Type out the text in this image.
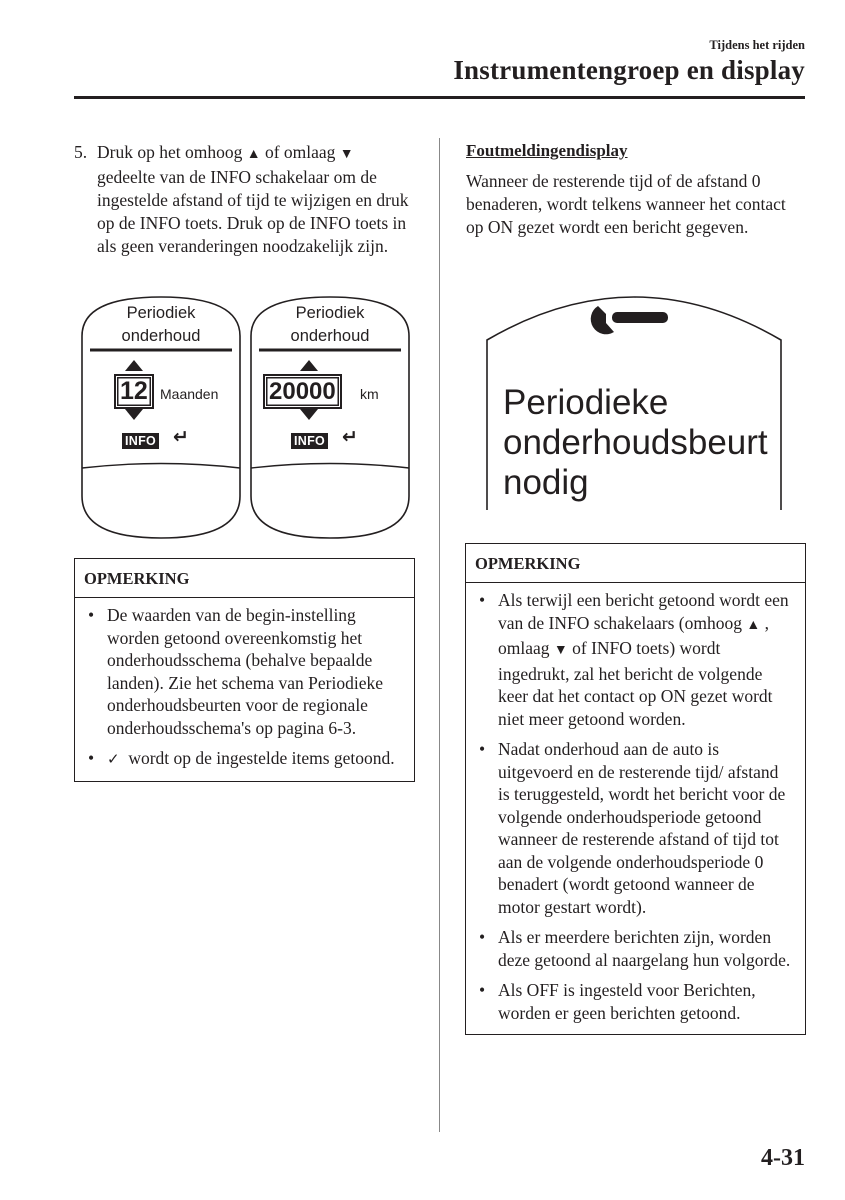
Tijdens het rijden
Instrumentengroep en display
5. Druk op het omhoog ▲ of omlaag ▼
gedeelte van de INFO schakelaar om de ingestelde afstand of tijd te wijzigen en druk op de INFO toets. Druk op de INFO toets in als geen veranderingen noodzakelijk zijn.
Periodiek
onderhoud
12 Maanden
INFO ↵
Periodiek
onderhoud
20000	km
INFO ↵
OPMERKING
• De waarden van de begin-instelling worden getoond overeenkomstig het onderhoudsschema (behalve bepaalde landen). Zie het schema van Periodieke onderhoudsbeurten voor de regionale onderhoudsschema's op pagina 6-3.
• ✓ wordt op de ingestelde items getoond.
Foutmeldingendisplay
Wanneer de resterende tijd of de afstand 0 benaderen, wordt telkens wanneer het contact op ON gezet wordt een bericht gegeven.
Periodieke
onderhoudsbeurt
nodig
OPMERKING
• Als terwijl een bericht getoond wordt een van de INFO schakelaars (omhoog ▲ , omlaag ▼ of INFO toets) wordt ingedrukt, zal het bericht de volgende keer dat het contact op ON gezet wordt niet meer getoond worden.
• Nadat onderhoud aan de auto is uitgevoerd en de resterende tijd/ afstand is teruggesteld, wordt het bericht voor de volgende onderhoudsperiode getoond wanneer de resterende afstand of tijd tot aan de volgende onderhoudsperiode 0 benadert (wordt getoond wanneer de motor gestart wordt).
• Als er meerdere berichten zijn, worden deze getoond al naargelang hun volgorde.
• Als OFF is ingesteld voor Berichten, worden er geen berichten getoond.
4-31
